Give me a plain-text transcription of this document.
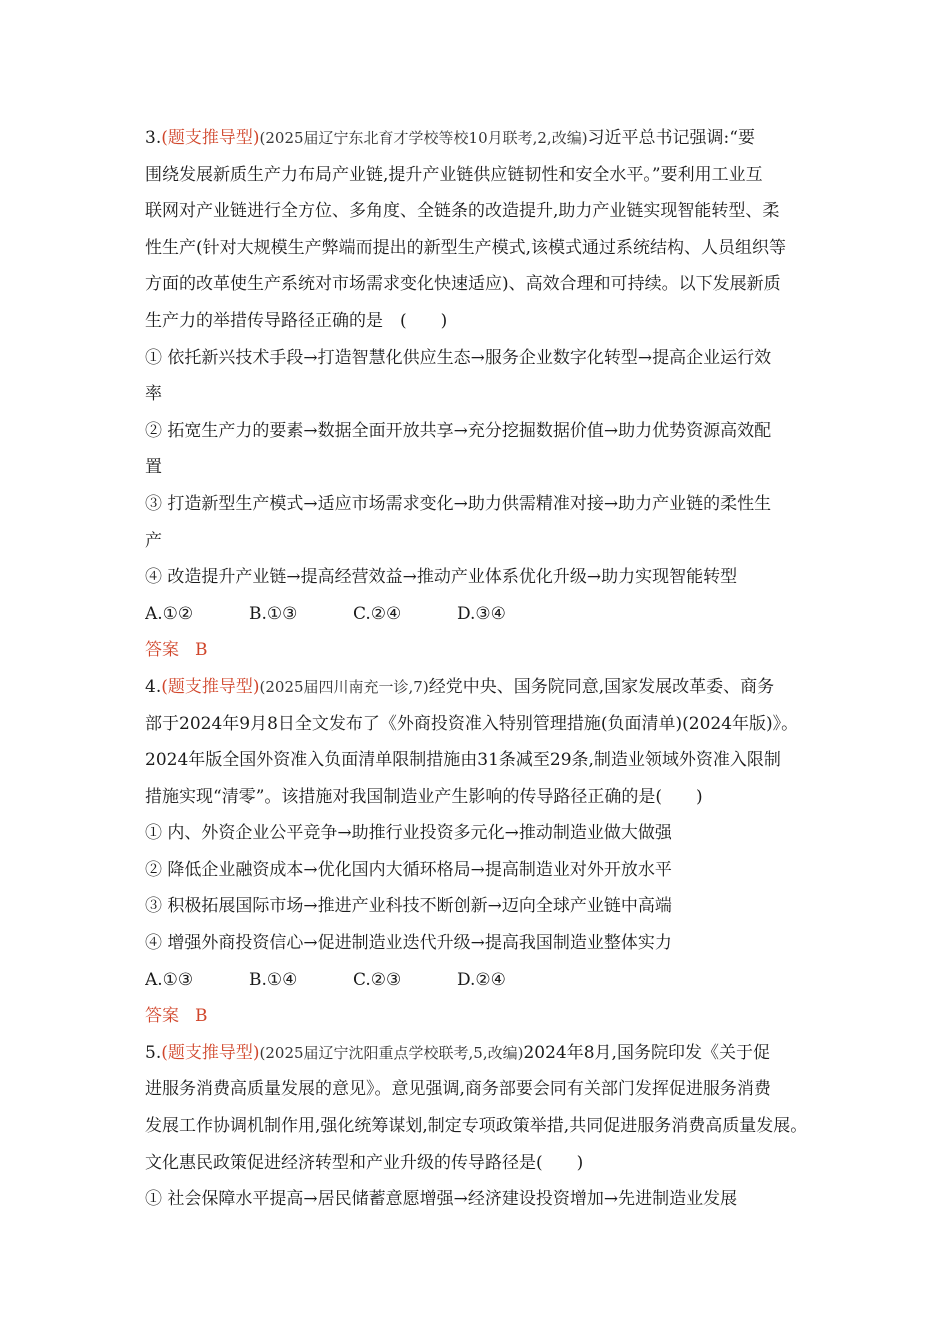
3.(题支推导型)(2025届辽宁东北育才学校等校10月联考,2,改编)习近平总书记强调:“要
围绕发展新质生产力布局产业链,提升产业链供应链韧性和安全水平。”要利用工业互
联网对产业链进行全方位、多角度、全链条的改造提升,助力产业链实现智能转型、柔
性生产(针对大规模生产弊端而提出的新型生产模式,该模式通过系统结构、人员组织等
方面的改革使生产系统对市场需求变化快速适应)、高效合理和可持续。以下发展新质
生产力的举措传导路径正确的是　(　　)
① 依托新兴技术手段→打造智慧化供应生态→服务企业数字化转型→提高企业运行效
率
② 拓宽生产力的要素→数据全面开放共享→充分挖掘数据价值→助力优势资源高效配
置
③ 打造新型生产模式→适应市场需求变化→助力供需精准对接→助力产业链的柔性生
产
④ 改造提升产业链→提高经营效益→推动产业体系优化升级→助力实现智能转型
A.①②	B.①③	C.②④	D.③④
答案 B
4.(题支推导型)(2025届四川南充一诊,7)经党中央、国务院同意,国家发展改革委、商务
部于2024年9月8日全文发布了《外商投资准入特别管理措施(负面清单)(2024年版)》。
2024年版全国外资准入负面清单限制措施由31条减至29条,制造业领域外资准入限制
措施实现“清零”。该措施对我国制造业产生影响的传导路径正确的是(　　)
① 内、外资企业公平竞争→助推行业投资多元化→推动制造业做大做强
② 降低企业融资成本→优化国内大循环格局→提高制造业对外开放水平
③ 积极拓展国际市场→推进产业科技不断创新→迈向全球产业链中高端
④ 增强外商投资信心→促进制造业迭代升级→提高我国制造业整体实力
A.①③	B.①④	C.②③	D.②④
答案 B
5.(题支推导型)(2025届辽宁沈阳重点学校联考,5,改编)2024年8月,国务院印发《关于促
进服务消费高质量发展的意见》。意见强调,商务部要会同有关部门发挥促进服务消费
发展工作协调机制作用,强化统筹谋划,制定专项政策举措,共同促进服务消费高质量发展。
文化惠民政策促进经济转型和产业升级的传导路径是(　　)
① 社会保障水平提高→居民储蓄意愿增强→经济建设投资增加→先进制造业发展
